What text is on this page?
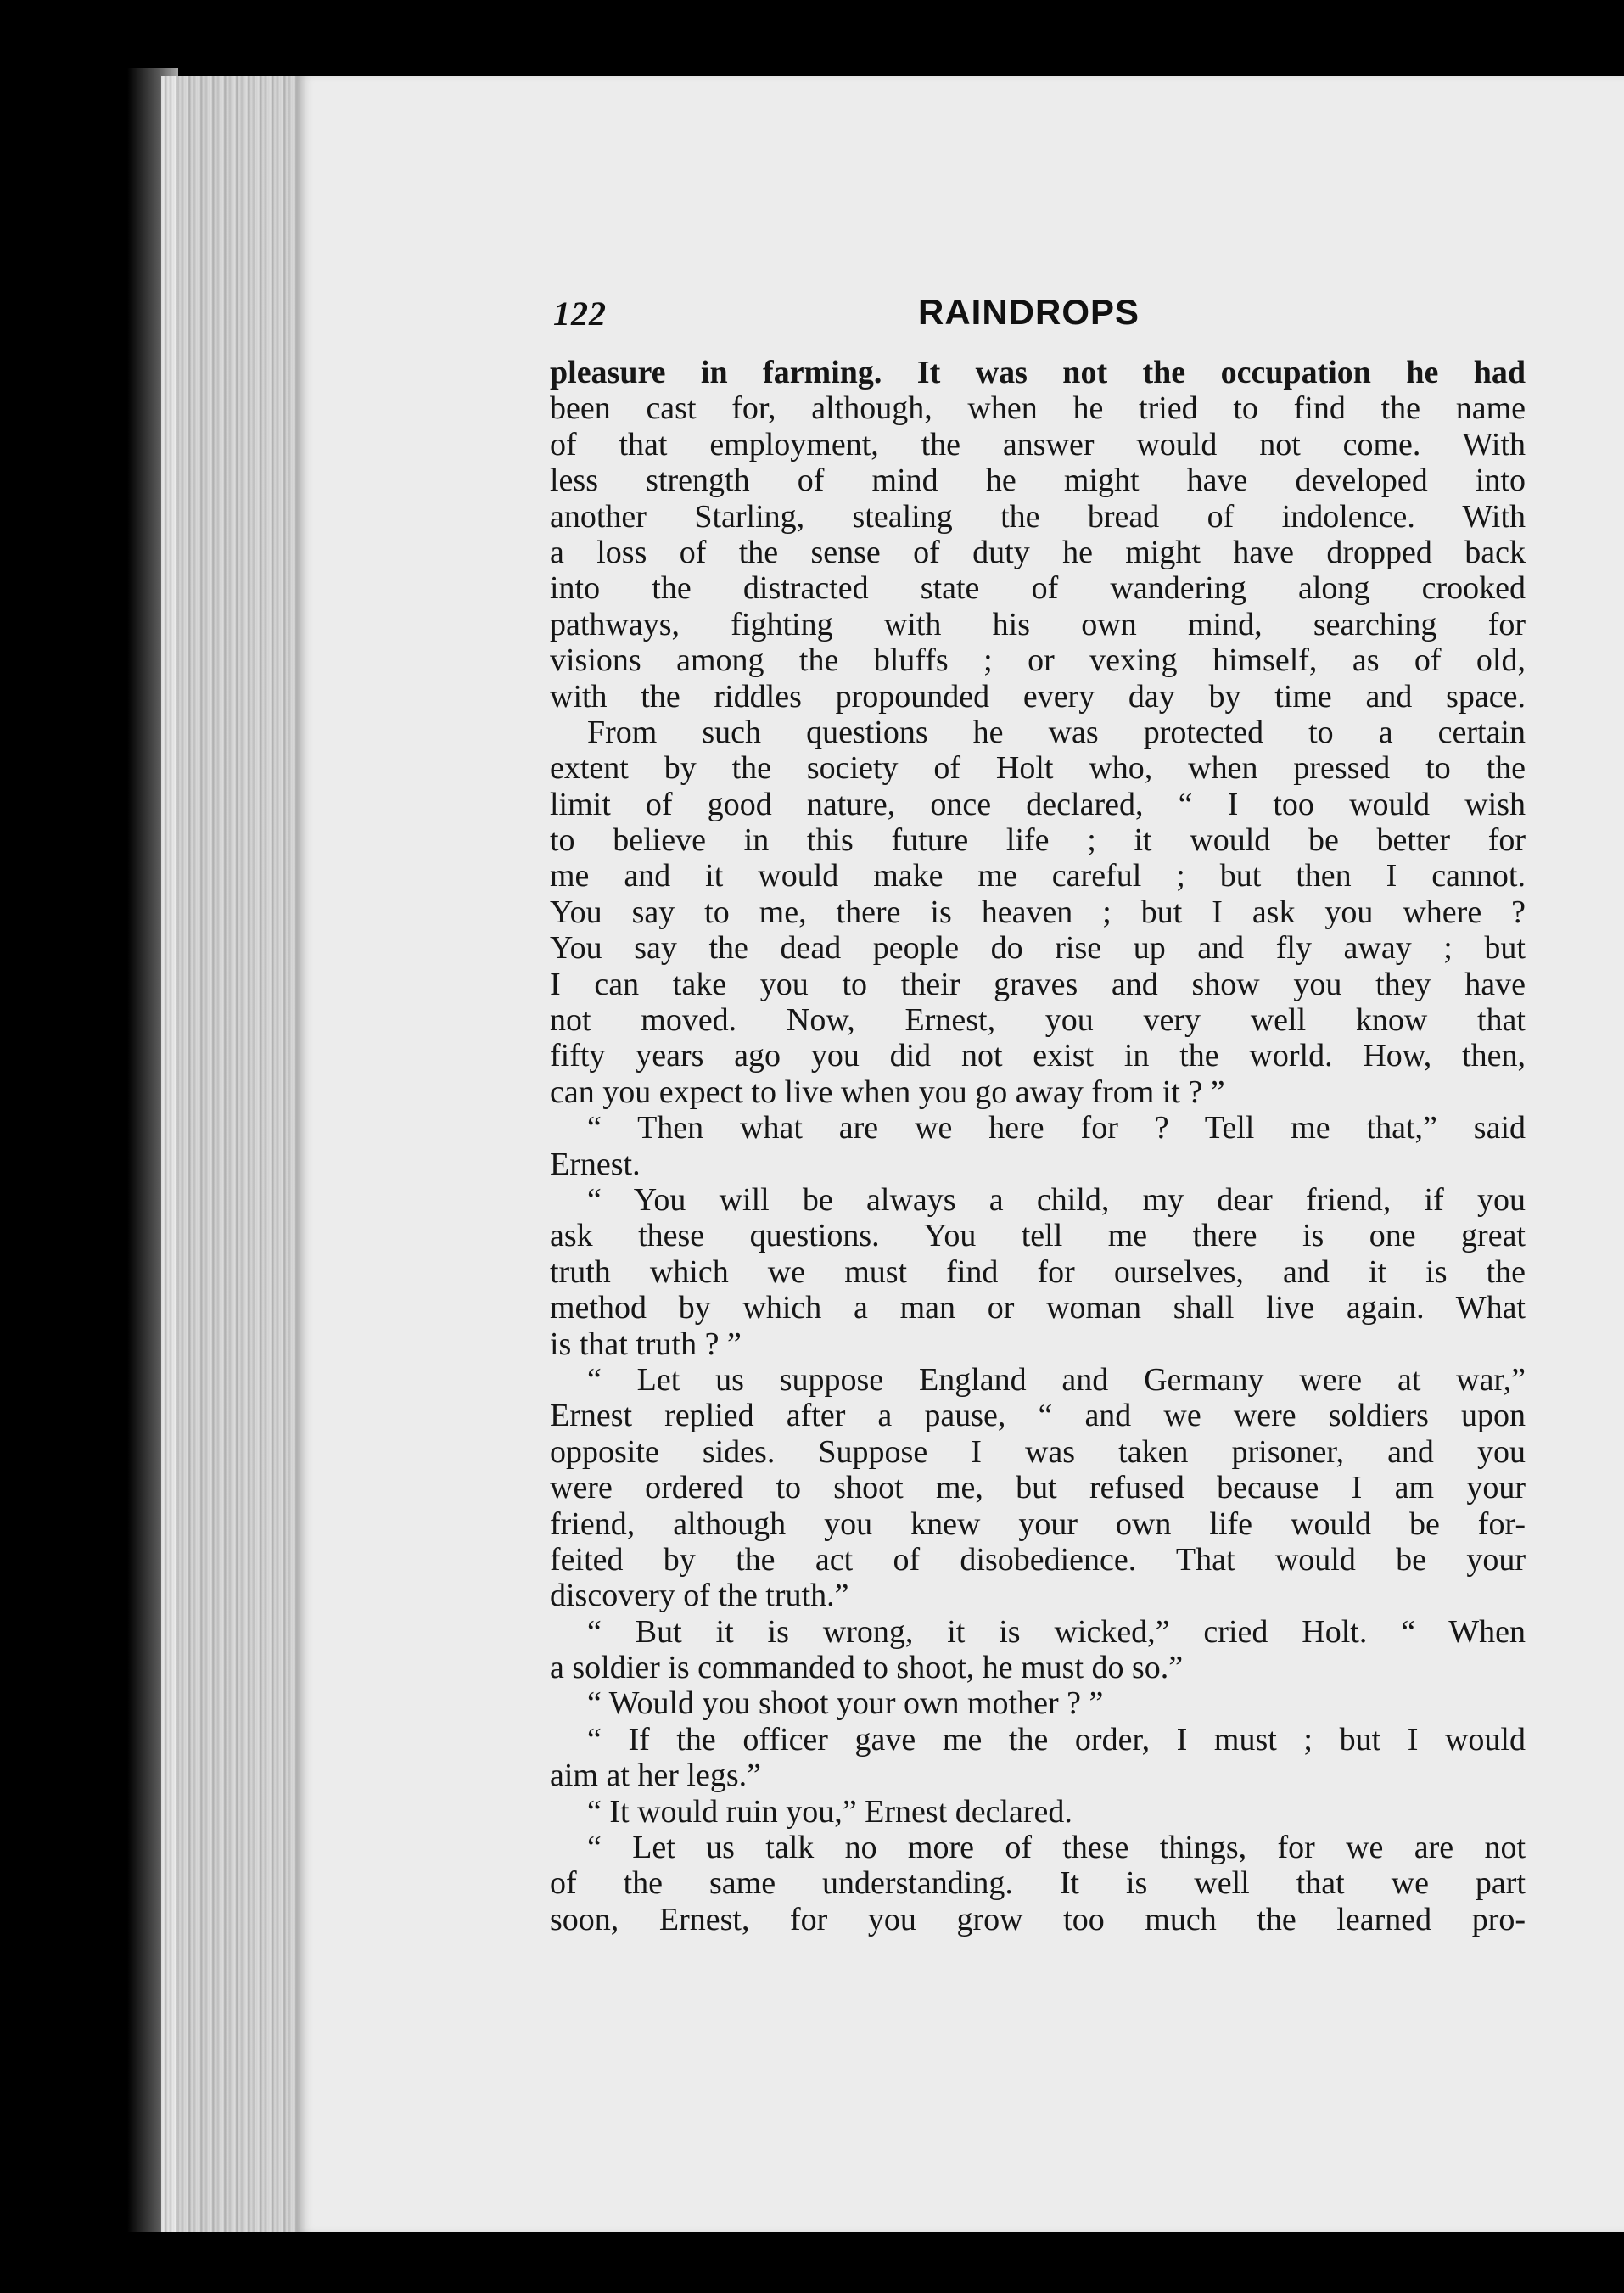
122	RAINDROPS
pleasure in farming. It was not the occupation he had
been cast for, although, when he tried to find the name
of that employment, the answer would not come. With
less strength of mind he might have developed into
another Starling, stealing the bread of indolence. With
a loss of the sense of duty he might have dropped back
into the distracted state of wandering along crooked
pathways, fighting with his own mind, searching for
visions among the bluffs ; or vexing himself, as of old,
with the riddles propounded every day by time and space.
From such questions he was protected to a certain
extent by the society of Holt who, when pressed to the
limit of good nature, once declared, “ I too would wish
to believe in this future life ; it would be better for
me and it would make me careful ; but then I cannot.
You say to me, there is heaven ; but I ask you where ?
You say the dead people do rise up and fly away ; but
I can take you to their graves and show you they have
not moved. Now, Ernest, you very well know that
fifty years ago you did not exist in the world. How, then,
can you expect to live when you go away from it ? ”
“ Then what are we here for ? Tell me that,” said
Ernest.
“ You will be always a child, my dear friend, if you
ask these questions. You tell me there is one great
truth which we must find for ourselves, and it is the
method by which a man or woman shall live again. What
is that truth ? ”
“ Let us suppose England and Germany were at war,”
Ernest replied after a pause, “ and we were soldiers upon
opposite sides. Suppose I was taken prisoner, and you
were ordered to shoot me, but refused because I am your
friend, although you knew your own life would be for-
feited by the act of disobedience. That would be your
discovery of the truth.”
“ But it is wrong, it is wicked,” cried Holt. “ When
a soldier is commanded to shoot, he must do so.”
“ Would you shoot your own mother ? ”
“ If the officer gave me the order, I must ; but I would
aim at her legs.”
“ It would ruin you,” Ernest declared.
“ Let us talk no more of these things, for we are not
of the same understanding. It is well that we part
soon, Ernest, for you grow too much the learned pro-
